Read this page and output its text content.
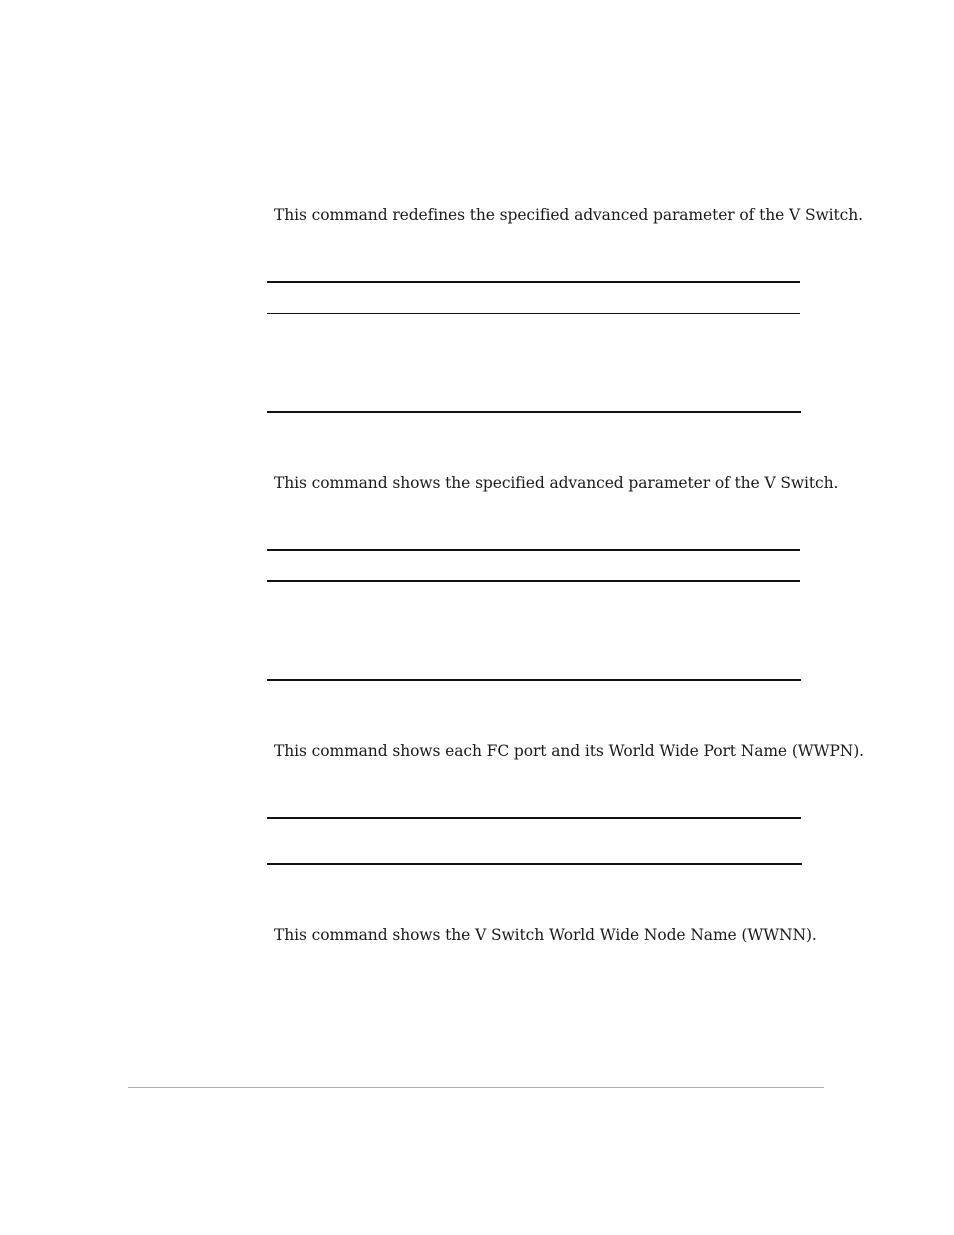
This command redefines the specified advanced parameter of the V Switch.

This command shows the specified advanced parameter of the V Switch.

This command shows each FC port and its World Wide Port Name (WWPN).

This command shows the V Switch World Wide Node Name (WWNN).
